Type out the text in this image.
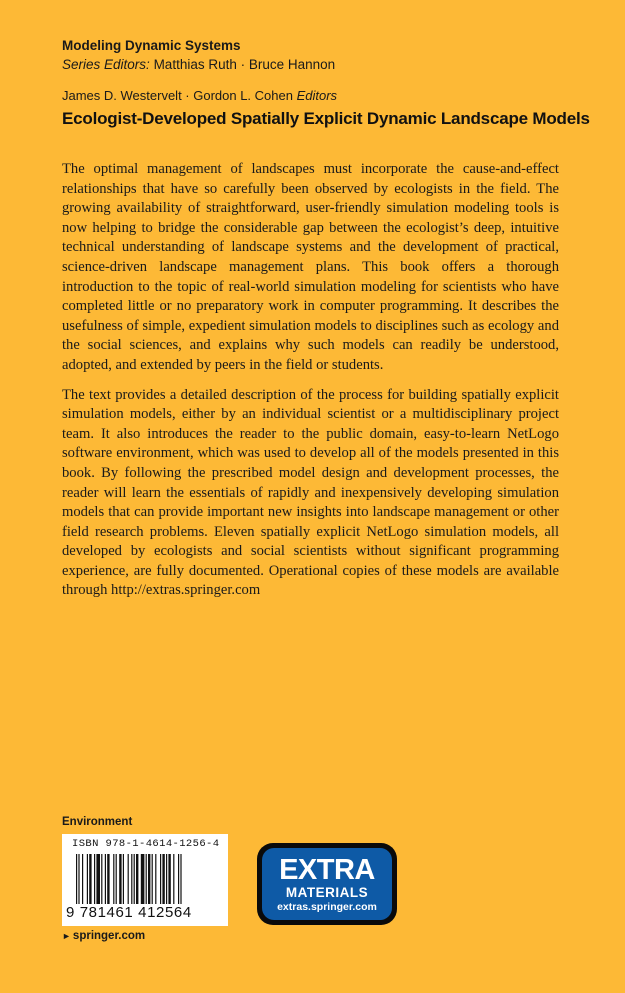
Modeling Dynamic Systems
Series Editors: Matthias Ruth · Bruce Hannon
James D. Westervelt · Gordon L. Cohen Editors
Ecologist-Developed Spatially Explicit Dynamic Landscape Models

The optimal management of landscapes must incorporate the cause-and-effect relationships that have so carefully been observed by ecologists in the field. The growing availability of straightforward, user-friendly simulation modeling tools is now helping to bridge the considerable gap between the ecologist’s deep, intuitive technical understanding of landscape systems and the development of practical, science-driven landscape management plans. This book offers a thorough introduction to the topic of real-world simulation modeling for scientists who have completed little or no preparatory work in computer programming. It describes the usefulness of simple, expedient simulation models to disciplines such as ecology and the social sciences, and explains why such models can readily be understood, adopted, and extended by peers in the field or students.

The text provides a detailed description of the process for building spatially explicit simulation models, either by an individual scientist or a multidisciplinary project team. It also introduces the reader to the public domain, easy-to-learn NetLogo software environment, which was used to develop all of the models presented in this book. By following the prescribed model design and development processes, the reader will learn the essentials of rapidly and inexpensively developing simulation models that can provide important new insights into landscape management or other field research problems. Eleven spatially explicit NetLogo simulation models, all developed by ecologists and social scientists without significant programming experience, are fully documented. Operational copies of these models are available through http://extras.springer.com

Environment
ISBN 978-1-4614-1256-4
9 781461 412564
EXTRA
MATERIALS
extras.springer.com
► springer.com
